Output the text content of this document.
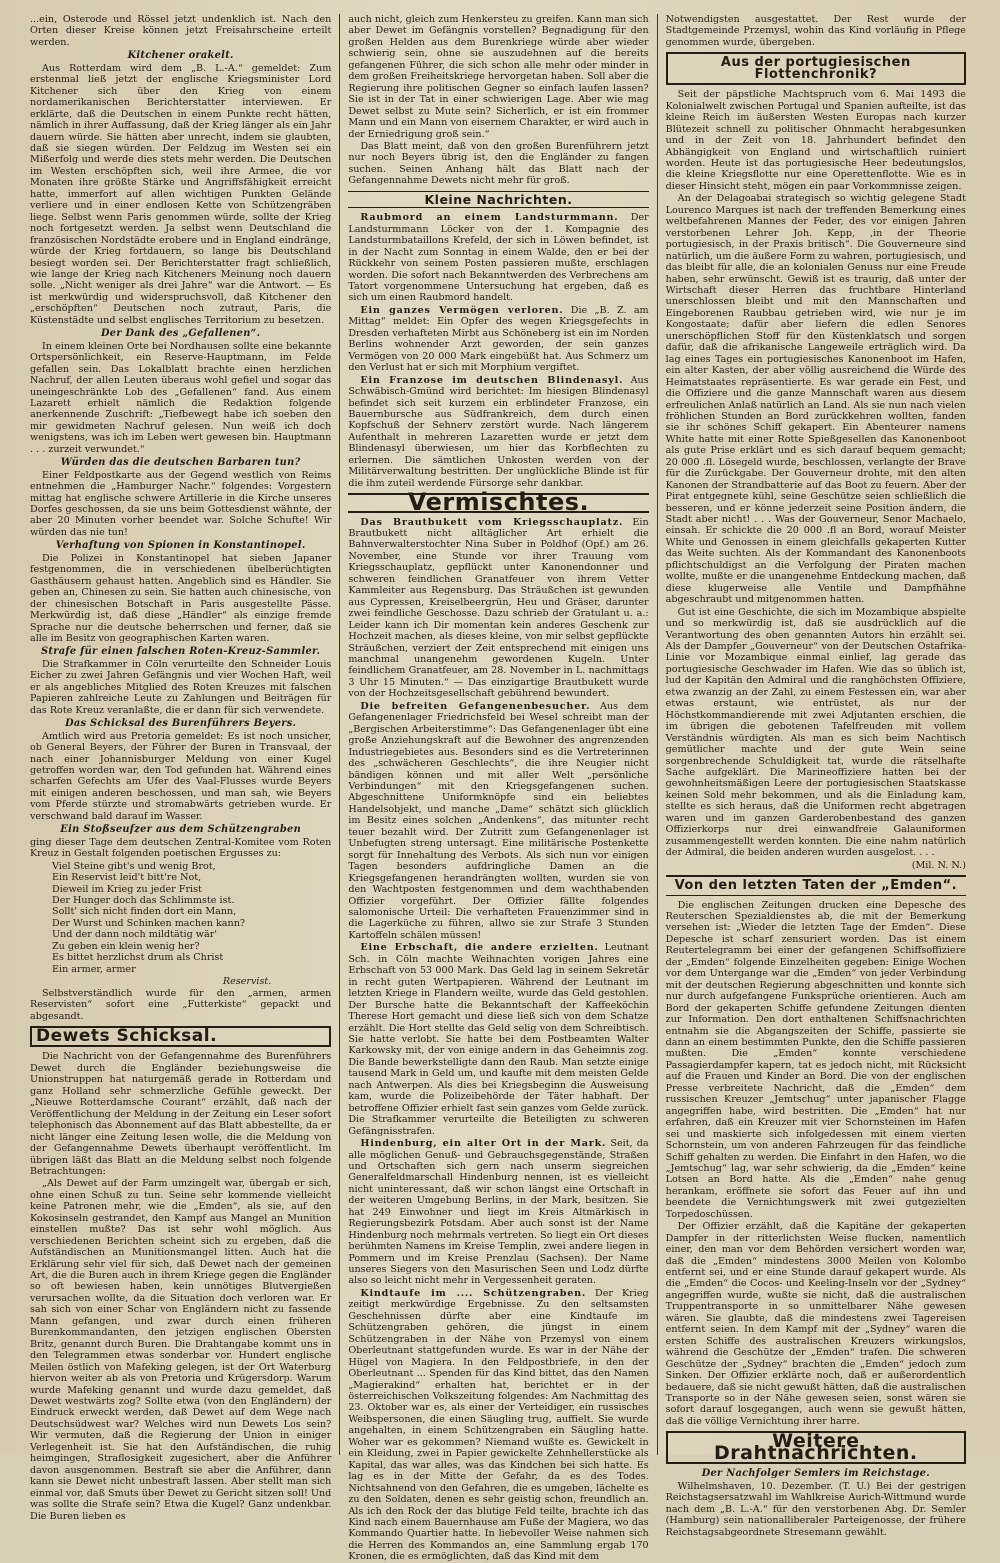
...ein, Osterode und Rössel jetzt undenklich ist. Nach den Orten dieser Kreise können jetzt Freisahrscheine erteilt werden.

Kitchener orakelt.

Aus Rotterdam wird dem „B. L.-A.“ gemeldet: Zum erstenmal ließ jetzt der englische Kriegsminister Lord Kitchener sich über den Krieg von einem nordamerikanischen Berichterstatter interviewen. Er erklärte, daß die Deutschen in einem Punkte recht hätten, nämlich in ihrer Auffassung, daß der Krieg länger als ein Jahr dauern würde. Sie hätten aber unrecht, indem sie glaubten, daß sie siegen würden. Der Feldzug im Westen sei ein Mißerfolg und werde dies stets mehr werden. Die Deutschen im Westen erschöpften sich, weil ihre Armee, die vor Monaten ihre größte Stärke und Angriffsfähigkeit erreicht hatte, immerfort auf allen wichtigen Punkten Gelände verliere und in einer endlosen Kette von Schützengräben liege. Selbst wenn Paris genommen würde, sollte der Krieg noch fortgesetzt werden. Ja selbst wenn Deutschland die französischen Nordstädte erobere und in England eindränge, würde der Krieg fortdauern, so lange bis Deutschland besiegt worden sei. Der Berichterstatter fragt schließlich, wie lange der Krieg nach Kitcheners Meinung noch dauern solle. „Nicht weniger als drei Jahre“ war die Antwort. — Es ist merkwürdig und widerspruchsvoll, daß Kitchener den „erschöpften“ Deutschen noch zutraut, Paris, die Küstenstädte und selbst englisches Territorium zu besetzen.

Der Dank des „Gefallenen“.

In einem kleinen Orte bei Nordhausen sollte eine bekannte Ortspersönlichkeit, ein Reserve-Hauptmann, im Felde gefallen sein. Das Lokalblatt brachte einen herzlichen Nachruf, der allen Leuten überaus wohl gefiel und sogar das uneingeschränkte Lob des „Gefallenen“ fand. Aus einem Lazarett erhielt nämlich die Redaktion folgende anerkennende Zuschrift: „Tiefbewegt habe ich soeben den mir gewidmeten Nachruf gelesen. Nun weiß ich doch wenigstens, was ich im Leben wert gewesen bin. Hauptmann . . . zurzeit verwundet.“

Würden das die deutschen Barbaren tun?

Einer Feldpostkarte aus der Gegend westlich von Reims entnehmen die „Hamburger Nachr.“ folgendes: Vorgestern mittag hat englische schwere Artillerie in die Kirche unseres Dorfes geschossen, da sie uns beim Gottesdienst wähnte, der aber 20 Minuten vorher beendet war. Solche Schufte! Wir würden das nie tun!

Verhaftung von Spionen in Konstantinopel.

Die Polizei in Konstantinopel hat sieben Japaner festgenommen, die in verschiedenen übelberüchtigten Gasthäusern gehaust hatten. Angeblich sind es Händler. Sie geben an, Chinesen zu sein. Sie hatten auch chinesische, von der chinesischen Botschaft in Paris ausgestellte Pässe. Merkwürdig ist, daß diese „Händler“ als einzige fremde Sprache nur die deutsche beherrschen und ferner, daß sie alle im Besitz von geographischen Karten waren.

Strafe für einen falschen Roten-Kreuz-Sammler.

Die Strafkammer in Cöln verurteilte den Schneider Louis Eicher zu zwei Jahren Gefängnis und vier Wochen Haft, weil er als angebliches Mitglied des Roten Kreuzes mit falschen Papieren zahlreiche Leute zu Zahlungen und Beiträgen für das Rote Kreuz veranlaßte, die er dann für sich verwendete.

Das Schicksal des Burenführers Beyers.

Amtlich wird aus Pretoria gemeldet: Es ist noch unsicher, ob General Beyers, der Führer der Buren in Transvaal, der nach einer Johannisburger Meldung von einer Kugel getroffen worden war, den Tod gefunden hat. Während eines scharfen Gefechts am Ufer des Vaal-Flusses wurde Beyers mit einigen anderen beschossen, und man sah, wie Beyers vom Pferde stürzte und stromabwärts getrieben wurde. Er verschwand bald darauf im Wasser.

Ein Stoßseufzer aus dem Schützengraben

ging dieser Tage dem deutschen Zentral-Komitee vom Roten Kreuz in Gestalt folgenden poetischen Ergusses zu:

Viel Steine gibt's und wenig Brot,
Ein Reservist leid't bitt're Not,
Dieweil im Krieg zu jeder Frist
Der Hunger doch das Schlimmste ist.
Sollt' sich nicht finden dort ein Mann,
Der Wurst und Schinken machen kann?
Und der dann noch mildtätig wär'
Zu geben ein klein wenig her?
Es bittet herzlichst drum als Christ
Ein armer, armer
Reservist.

Selbstverständlich wurde für den „armen, armen Reservisten“ sofort eine „Futterkiste“ gepackt und abgesandt.

Dewets Schicksal.

Die Nachricht von der Gefangennahme des Burenführers Dewet durch die Engländer beziehungsweise die Unionstruppen hat naturgemäß gerade in Rotterdam und ganz Holland sehr schmerzliche Gefühle geweckt. Der „Nieuwe Rotterdamsche Courant“ erzählt, daß nach der Veröffentlichung der Meldung in der Zeitung ein Leser sofort telephonisch das Abonnement auf das Blatt abbestellte, da er nicht länger eine Zeitung lesen wolle, die die Meldung von der Gefangennahme Dewets überhaupt veröffentlicht. Im übrigen läßt das Blatt an die Meldung selbst noch folgende Betrachtungen:

„Als Dewet auf der Farm umzingelt war, übergab er sich, ohne einen Schuß zu tun. Seine sehr kommende vielleicht keine Patronen mehr, wie die „Emden“, als sie, auf den Kokosinseln gestrandet, den Kampf aus Mangel an Munition einstellen mußte? Das ist sehr wohl möglich. Aus verschiedenen Berichten scheint sich zu ergeben, daß die Aufständischen an Munitionsmangel litten. Auch hat die Erklärung sehr viel für sich, daß Dewet nach der gemeinen Art, die die Buren auch in ihrem Kriege gegen die Engländer so oft bewiesen haben, kein unnötiges Blutvergießen verursachen wollte, da die Situation doch verloren war. Er sah sich von einer Schar von Engländern nicht zu fassende Mann gefangen, und zwar durch einen früheren Burenkommandanten, den jetzigen englischen Obersten Britz, genannt durch Buren. Die Drahtangabe kommt uns in den Telegrammen etwas sonderbar vor. Hundert englische Meilen östlich von Mafeking gelegen, ist der Ort Waterburg hiervon weiter ab als von Pretoria und Krügersdorp. Warum wurde Mafeking genannt und wurde dazu gemeldet, daß Dewet westwärts zog? Sollte etwa (von den Engländern) der Eindruck erweckt werden, daß Dewet auf dem Wege nach Deutschsüdwest war? Welches wird nun Dewets Los sein? Wir vermuten, daß die Regierung der Union in einiger Verlegenheit ist. Sie hat den Aufständischen, die ruhig heimgingen, Straflosigkeit zugesichert, aber die Anführer davon ausgenommen. Bestraft sie aber die Anführer, dann kann sie Dewet nicht unbestraft lassen. Aber stellt man sich einmal vor, daß Smuts über Dewet zu Gericht sitzen soll! Und was sollte die Strafe sein? Etwa die Kugel? Ganz undenkbar. Die Buren lieben es

auch nicht, gleich zum Henkersteu zu greifen. Kann man sich aber Dewet im Gefängnis vorstellen? Begnadigung für den großen Helden aus dem Burenkriege würde aber wieder schwierig sein, ohne sie auszudehnen auf die bereits gefangenen Führer, die sich schon alle mehr oder minder in dem großen Freiheitskriege hervorgetan haben. Soll aber die Regierung ihre politischen Gegner so einfach laufen lassen? Sie ist in der Tat in einer schwierigen Lage. Aber wie mag Dewet selbst zu Mute sein? Sicherlich, er ist ein frommer Mann und ein Mann von eisernem Charakter, er wird auch in der Erniedrigung groß sein.“

Das Blatt meint, daß von den großen Burenführern jetzt nur noch Beyers übrig ist, den die Engländer zu fangen suchen. Seinen Anhang hält das Blatt nach der Gefangennahme Dewets nicht mehr für groß.

Kleine Nachrichten.

Raubmord an einem Landsturmmann. Der Landsturmmann Löcker von der 1. Kompagnie des Landsturmbataillons Krefeld, der sich in Löwen befindet, ist in der Nacht zum Sonntag in einem Walde, den er bei der Rückkehr von seinem Posten passieren mußte, erschlagen worden. Die sofort nach Bekanntwerden des Verbrechens am Tatort vorgenommene Untersuchung hat ergeben, daß es sich um einen Raubmord handelt.

Ein ganzes Vermögen verloren. Die „B. Z. am Mittag“ meldet: Ein Opfer des wegen Kriegsgefechts in Dresden verhafteten Mirbt aus Schöneberg ist ein im Norden Berlins wohnender Arzt geworden, der sein ganzes Vermögen von 20 000 Mark eingebüßt hat. Aus Schmerz um den Verlust hat er sich mit Morphium vergiftet.

Ein Franzose im deutschen Blindenasyl. Aus Schwäbisch-Gmünd wird berichtet: Im hiesigen Blindenasyl befindet sich seit kurzem ein erblindeter Franzose, ein Bauernbursche aus Südfrankreich, dem durch einen Kopfschuß der Sehnerv zerstört wurde. Nach längerem Aufenthalt in mehreren Lazaretten wurde er jetzt dem Blindenasyl überwiesen, um hier das Korbflechten zu erlernen. Die sämtlichen Unkosten werden von der Militärverwaltung bestritten. Der unglückliche Blinde ist für die ihm zuteil werdende Fürsorge sehr dankbar.

Vermischtes.

Das Brautbukett vom Kriegsschauplatz. Ein Brautbukett nicht alltäglicher Art erhielt die Bahnverwalterstochter Nina Suber in Poldhof (Opf.) am 26. November, eine Stunde vor ihrer Trauung vom Kriegsschauplatz, gepflückt unter Kanonendonner und schweren feindlichen Granatfeuer von ihrem Vetter Kammleiter aus Regensburg. Das Sträußchen ist gewunden aus Cypressen, Kreiselbeergrün, Heu und Gräser, darunter zwei feindliche Geschosse. Dazu schrieb der Gratulant u. a.: Leider kann ich Dir momentan kein anderes Geschenk zur Hochzeit machen, als dieses kleine, von mir selbst gepflückte Sträußchen, verziert der Zeit entsprechend mit einigen uns manchmal unangenehm gewordenen Kugeln. Unter feindlichem Granatfeuer, am 28. November in L. nachmittags 3 Uhr 15 Minuten.“ — Das einzigartige Brautbukett wurde von der Hochzeitsgesellschaft gebührend bewundert.

Die befreiten Gefangenenbesucher. Aus dem Gefangenenlager Friedrichsfeld bei Wesel schreibt man der „Bergischen Arbeiterstimme“: Das Gefangenenlager übt eine große Anziehungskraft auf die Bewohner des angrenzenden Industriegebietes aus. Besonders sind es die Vertreterinnen des „schwächeren Geschlechts“, die ihre Neugier nicht bändigen können und mit aller Welt „persönliche Verbindungen“ mit den Kriegsgefangenen suchen. Abgeschnittene Uniformknöpfe sind ein beliebtes Handelsobjekt, und manche „Dame“ schätzt sich glücklich im Besitz eines solchen „Andenkens“, das mitunter recht teuer bezahlt wird. Der Zutritt zum Gefangenenlager ist Unbefugten streng untersagt. Eine militärische Postenkette sorgt für Innehaltung des Verbots. Als sich nun vor einigen Tagen besonders aufdringliche Damen an die Kriegsgefangenen herandrängten wollten, wurden sie von den Wachtposten festgenommen und dem wachthabenden Offizier vorgeführt. Der Offizier fällte folgendes salomonische Urteil: Die verhafteten Frauenzimmer sind in die Lagerküche zu führen, allwo sie zur Strafe 3 Stunden Kartoffeln schälen müssen!

Eine Erbschaft, die andere erzielten. Leutnant Sch. in Cöln machte Weihnachten vorigen Jahres eine Erbschaft von 53 000 Mark. Das Geld lag in seinem Sekretär in recht guten Wertpapieren. Während der Leutnant im letzten Kriege in Flandern weilte, wurde das Geld gestohlen. Der Bursche hatte die Bekanntschaft der Kaffeeköchin Therese Hort gemacht und diese ließ sich von dem Schatze erzählt. Die Hort stellte das Geld selig von dem Schreibtisch. Sie hatte verlobt. Sie hatte bei dem Postbeamten Walter Karkowsky mit, der von einige andern in das Geheimnis zog. Die Bande bewerkstelligte dann den Raub. Man setzte einige tausend Mark in Geld um, und kaufte mit dem meisten Gelde nach Antwerpen. Als dies bei Kriegsbeginn die Ausweisung kam, wurde die Polizeibehörde der Täter habhaft. Der betroffene Offizier erhielt fast sein ganzes vom Gelde zurück. Die Strafkammer verurteilte die Beteiligten zu schweren Gefängnisstrafen.

Hindenburg, ein alter Ort in der Mark. Seit, da alle möglichen Genuß- und Gebrauchsgegenstände, Straßen und Ortschaften sich gern nach unserm siegreichen Generalfeldmarschall Hindenburg nennen, ist es vielleicht nicht uninteressant, daß wir schon längst eine Ortschaft in der weiteren Umgebung Berlins, in der Mark, besitzen. Sie hat 249 Einwohner und liegt im Kreis Altmärkisch in Regierungsbezirk Potsdam. Aber auch sonst ist der Name Hindenburg noch mehrmals vertreten. So liegt ein Ort dieses berühmten Namens im Kreise Templin, zwei andere liegen in Pommern und im Kreise Prenzlau (Sachsen). Der Name unseres Siegers von den Masurischen Seen und Lodz dürfte also so leicht nicht mehr in Vergessenheit geraten.

Kindtaufe im .... Schützengraben. Der Krieg zeitigt merkwürdige Ergebnisse. Zu den seltsamsten Geschehnissen dürfte aber eine Kindtaufe im Schützengraben gehören, die jüngst in einem Schützengraben in der Nähe von Przemysl von einem Oberleutnant stattgefunden wurde. Es war in der Nähe der Hügel von Magiera. In den Feldpostbriefe, in den der Oberleutnant ... Spenden für das Kind bittet, das den Namen „Magierakind“ erhalten hat, berichtet er in der österreichischen Volkszeitung folgendes: Am Nachmittag des 23. Oktober war es, als einer der Verteidiger, ein russisches Weibspersonen, die einen Säugling trug, auffielt. Sie wurde angehalten, in einem Schützengraben ein Säugling hatte. Woher war es gekommen? Niemand wußte es. Gewickelt in ein Kleidung, zwei in Papier gewickelte Zehnhellerstücke als Kapital, das war alles, was das Kindchen bei sich hatte. Es lag es in der Mitte der Gefahr, da es des Todes. Nichtsahnend von den Gefahren, die es umgeben, lächelte es zu den Soldaten, denen es sehr geistig schon, freundlich an. Als ich den Rock der das blutige Feld teilte, brachte ich das Kind nach einem Bauernhause am Fuße der Magiera, wo das Kommando Quartier hatte. In liebevoller Weise nahmen sich die Herren des Kommandos an, eine Sammlung ergab 170 Kronen, die es ermöglichten, daß das Kind mit dem

Notwendigsten ausgestattet. Der Rest wurde der Stadtgemeinde Przemysl, wohin das Kind vorläufig in Pflege genommen wurde, übergeben.

Aus der portugiesischen Flottenchronik?

Seit der päpstliche Machtspruch vom 6. Mai 1493 die Kolonialwelt zwischen Portugal und Spanien aufteilte, ist das kleine Reich im äußersten Westen Europas nach kurzer Blütezeit schnell zu politischer Ohnmacht herabgesunken und in der Zeit von 18. Jahrhundert befindet den Abhängigkeit von England und wirtschaftlich ruiniert worden. Heute ist das portugiesische Heer bedeutungslos, die kleine Kriegsflotte nur eine Operettenflotte. Wie es in dieser Hinsicht steht, mögen ein paar Vorkommnisse zeigen.

An der Delagoabai strategisch so wichtig gelegene Stadt Lourenco Marques ist nach der treffenden Bemerkung eines weltbefahrenen Mannes der Feder, des vor einigen Jahren verstorbenen Lehrer Joh. Kepp, ,in der Theorie portugiesisch, in der Praxis britisch“. Die Gouverneure sind natürlich, um die äußere Form zu wahren, portugiesisch, und das bleibt für alle, die an kolonialen Genuss nur eine Freude haben, sehr erwünscht. Gewiß ist es traurig, daß unter der Wirtschaft dieser Herren das fruchtbare Hinterland unerschlossen bleibt und mit den Mannschaften und Eingeborenen Raubbau getrieben wird, wie nur je im Kongostaate; dafür aber liefern die edlen Senores unerschöpflichen Stoff für den Küstenklatsch und sorgen dafür, daß die afrikanische Langeweile erträglich wird. Da lag eines Tages ein portugiesisches Kanonenboot im Hafen, ein alter Kasten, der aber völlig ausreichend die Würde des Heimatstaates repräsentierte. Es war gerade ein Fest, und die Offiziere und die ganze Mannschaft waren aus diesem erfreulichen Anlaß natürlich an Land. Als sie nun nach vielen fröhlichen Stunden an Bord zurückkehren wollten, fanden sie ihr schönes Schiff gekapert. Ein Abenteurer namens White hatte mit einer Rotte Spießgesellen das Kanonenboot als gute Prise erklärt und es sich darauf bequem gemacht; 20 000 .fl. Lösegeld wurde, beschlossen, verlangte der Brave für die Zurückgabe. Der Gouverneur drohte, mit den alten Kanonen der Strandbatterie auf das Boot zu feuern. Aber der Pirat entgegnete kühl, seine Geschütze seien schließlich die besseren, und er könne jederzeit seine Position ändern, die Stadt aber nicht! . . . Was der Gouverneur, Senor Machaelo, einsah. Er schickte die 20 000 .fl an Bord, worauf Meister White und Genossen in einem gleichfalls gekaperten Kutter das Weite suchten. Als der Kommandant des Kanonenboots pflichtschuldigst an die Verfolgung der Piraten machen wollte, mußte er die unangenehme Entdeckung machen, daß diese klugerweise alle Ventile und Dampfhähne abgeschraubt und mitgenommen hatten.

Gut ist eine Geschichte, die sich im Mozambique abspielte und so merkwürdig ist, daß sie ausdrücklich auf die Verantwortung des oben genannten Autors hin erzählt sei. Als der Dampfer „Gouverneur“ von der Deutschen Ostafrika-Linie vor Mozambique einmal einlief, lag gerade das portugiesische Geschwader im Hafen. Wie das so üblich ist, lud der Kapitän den Admiral und die ranghöchsten Offiziere, etwa zwanzig an der Zahl, zu einem Festessen ein, war aber etwas erstaunt, wie entrüstet, als nur der Höchstkommandierende mit zwei Adjutanten erschien, die im übrigen die gebotenen Tafelfreuden mit vollem Verständnis würdigten. Als man es sich beim Nachtisch gemütlicher machte und der gute Wein seine sorgenbrechende Schuldigkeit tat, wurde die rätselhafte Sache aufgeklärt. Die Marineoffiziere hatten bei der gewohnheitsmäßigen Leere der portugiesischen Staatskasse keinen Sold mehr bekommen, und als die Einladung kam, stellte es sich heraus, daß die Uniformen recht abgetragen waren und im ganzen Garderobenbestand des ganzen Offizierkorps nur drei einwandfreie Galauniformen zusammengestellt werden konnten. Die eine nahm natürlich der Admiral, die beiden anderen wurden ausgelost. . . .

(Mil. N. N.)
Von den letzten Taten der „Emden“.

Die englischen Zeitungen drucken eine Depesche des Reuterschen Spezialdienstes ab, die mit der Bemerkung versehen ist: „Wieder die letzten Tage der Emden“. Diese Depesche ist scharf zensuriert worden. Das ist einem Reutertelegramm bei einer der gefangenen Schiffsoffiziere der „Emden“ folgende Einzelheiten gegeben: Einige Wochen vor dem Untergange war die „Emden“ von jeder Verbindung mit der deutschen Regierung abgeschnitten und konnte sich nur durch aufgefangene Funksprüche orientieren. Auch am Bord der gekaperten Schiffe gefundene Zeitungen dienten zur Information. Den dort enthaltenen Schiffsnachrichten entnahm sie die Abgangszeiten der Schiffe, passierte sie dann an einem bestimmten Punkte, den die Schiffe passieren mußten. Die „Emden“ konnte verschiedene Passagierdampfer kapern, tat es jedoch nicht, mit Rücksicht auf die Frauen und Kinder an Bord. Die von der englischen Presse verbreitete Nachricht, daß die „Emden“ dem russischen Kreuzer „Jemtschug“ unter japanischer Flagge angegriffen habe, wird bestritten. Die „Emden“ hat nur erfahren, daß ein Kreuzer mit vier Schornsteinen im Hafen sei und maskierte sich infolgedessen mit einem vierten Schornstein, um von anderen Fahrzeugen für das feindliche Schiff gehalten zu werden. Die Einfahrt in den Hafen, wo die „Jemtschug“ lag, war sehr schwierig, da die „Emden“ keine Lotsen an Bord hatte. Als die „Emden“ nahe genug herankam, eröffnete sie sofort das Feuer auf ihn und beendete die Vernichtungswerk mit zwei gutgezielten Torpedoschüssen.

Der Offizier erzählt, daß die Kapitäne der gekaperten Dampfer in der ritterlichsten Weise flucken, namentlich einer, den man vor dem Behörden versichert worden war, daß die „Emden“ mindestens 3000 Meilen von Kolombo entfernt sei, und er eine Stunde darauf gekapert wurde. Als die „Emden“ die Cocos- und Keeling-Inseln vor der „Sydney“ angegriffen wurde, wußte sie nicht, daß die australischen Truppentransporte in so unmittelbarer Nähe gewesen wären. Sie glaubte, daß die mindestens zwei Tagereisen entfernt seien. In dem Kampf mit der „Sydney“ waren die ersten Schiffe des australischen Kreuzers wirkungslos, während die Geschütze der „Emden“ trafen. Die schweren Geschütze der „Sydney“ brachten die „Emden“ jedoch zum Sinken. Der Offizier erklärte noch, daß er außerordentlich bedauere, daß sie nicht gewußt hätten, daß die australischen Transporte so in der Nähe gewesen seien, sonst wären sie sofort darauf losgegangen, auch wenn sie gewußt hätten, daß die völlige Vernichtung ihrer harre.

Weitere Drahtnachrichten.
Der Nachfolger Semlers im Reichstage.

Wilhelmshaven, 10. Dezember. (T. U.) Bei der gestrigen Reichstagsersatzwahl im Wahlkreise Aurich-Wittmund wurde nach dem „B. L.-A.“ für den verstorbenen Abg. Dr. Semler (Hamburg) sein nationalliberaler Parteigenosse, der frühere Reichstagsabgeordnete Stresemann gewählt.
